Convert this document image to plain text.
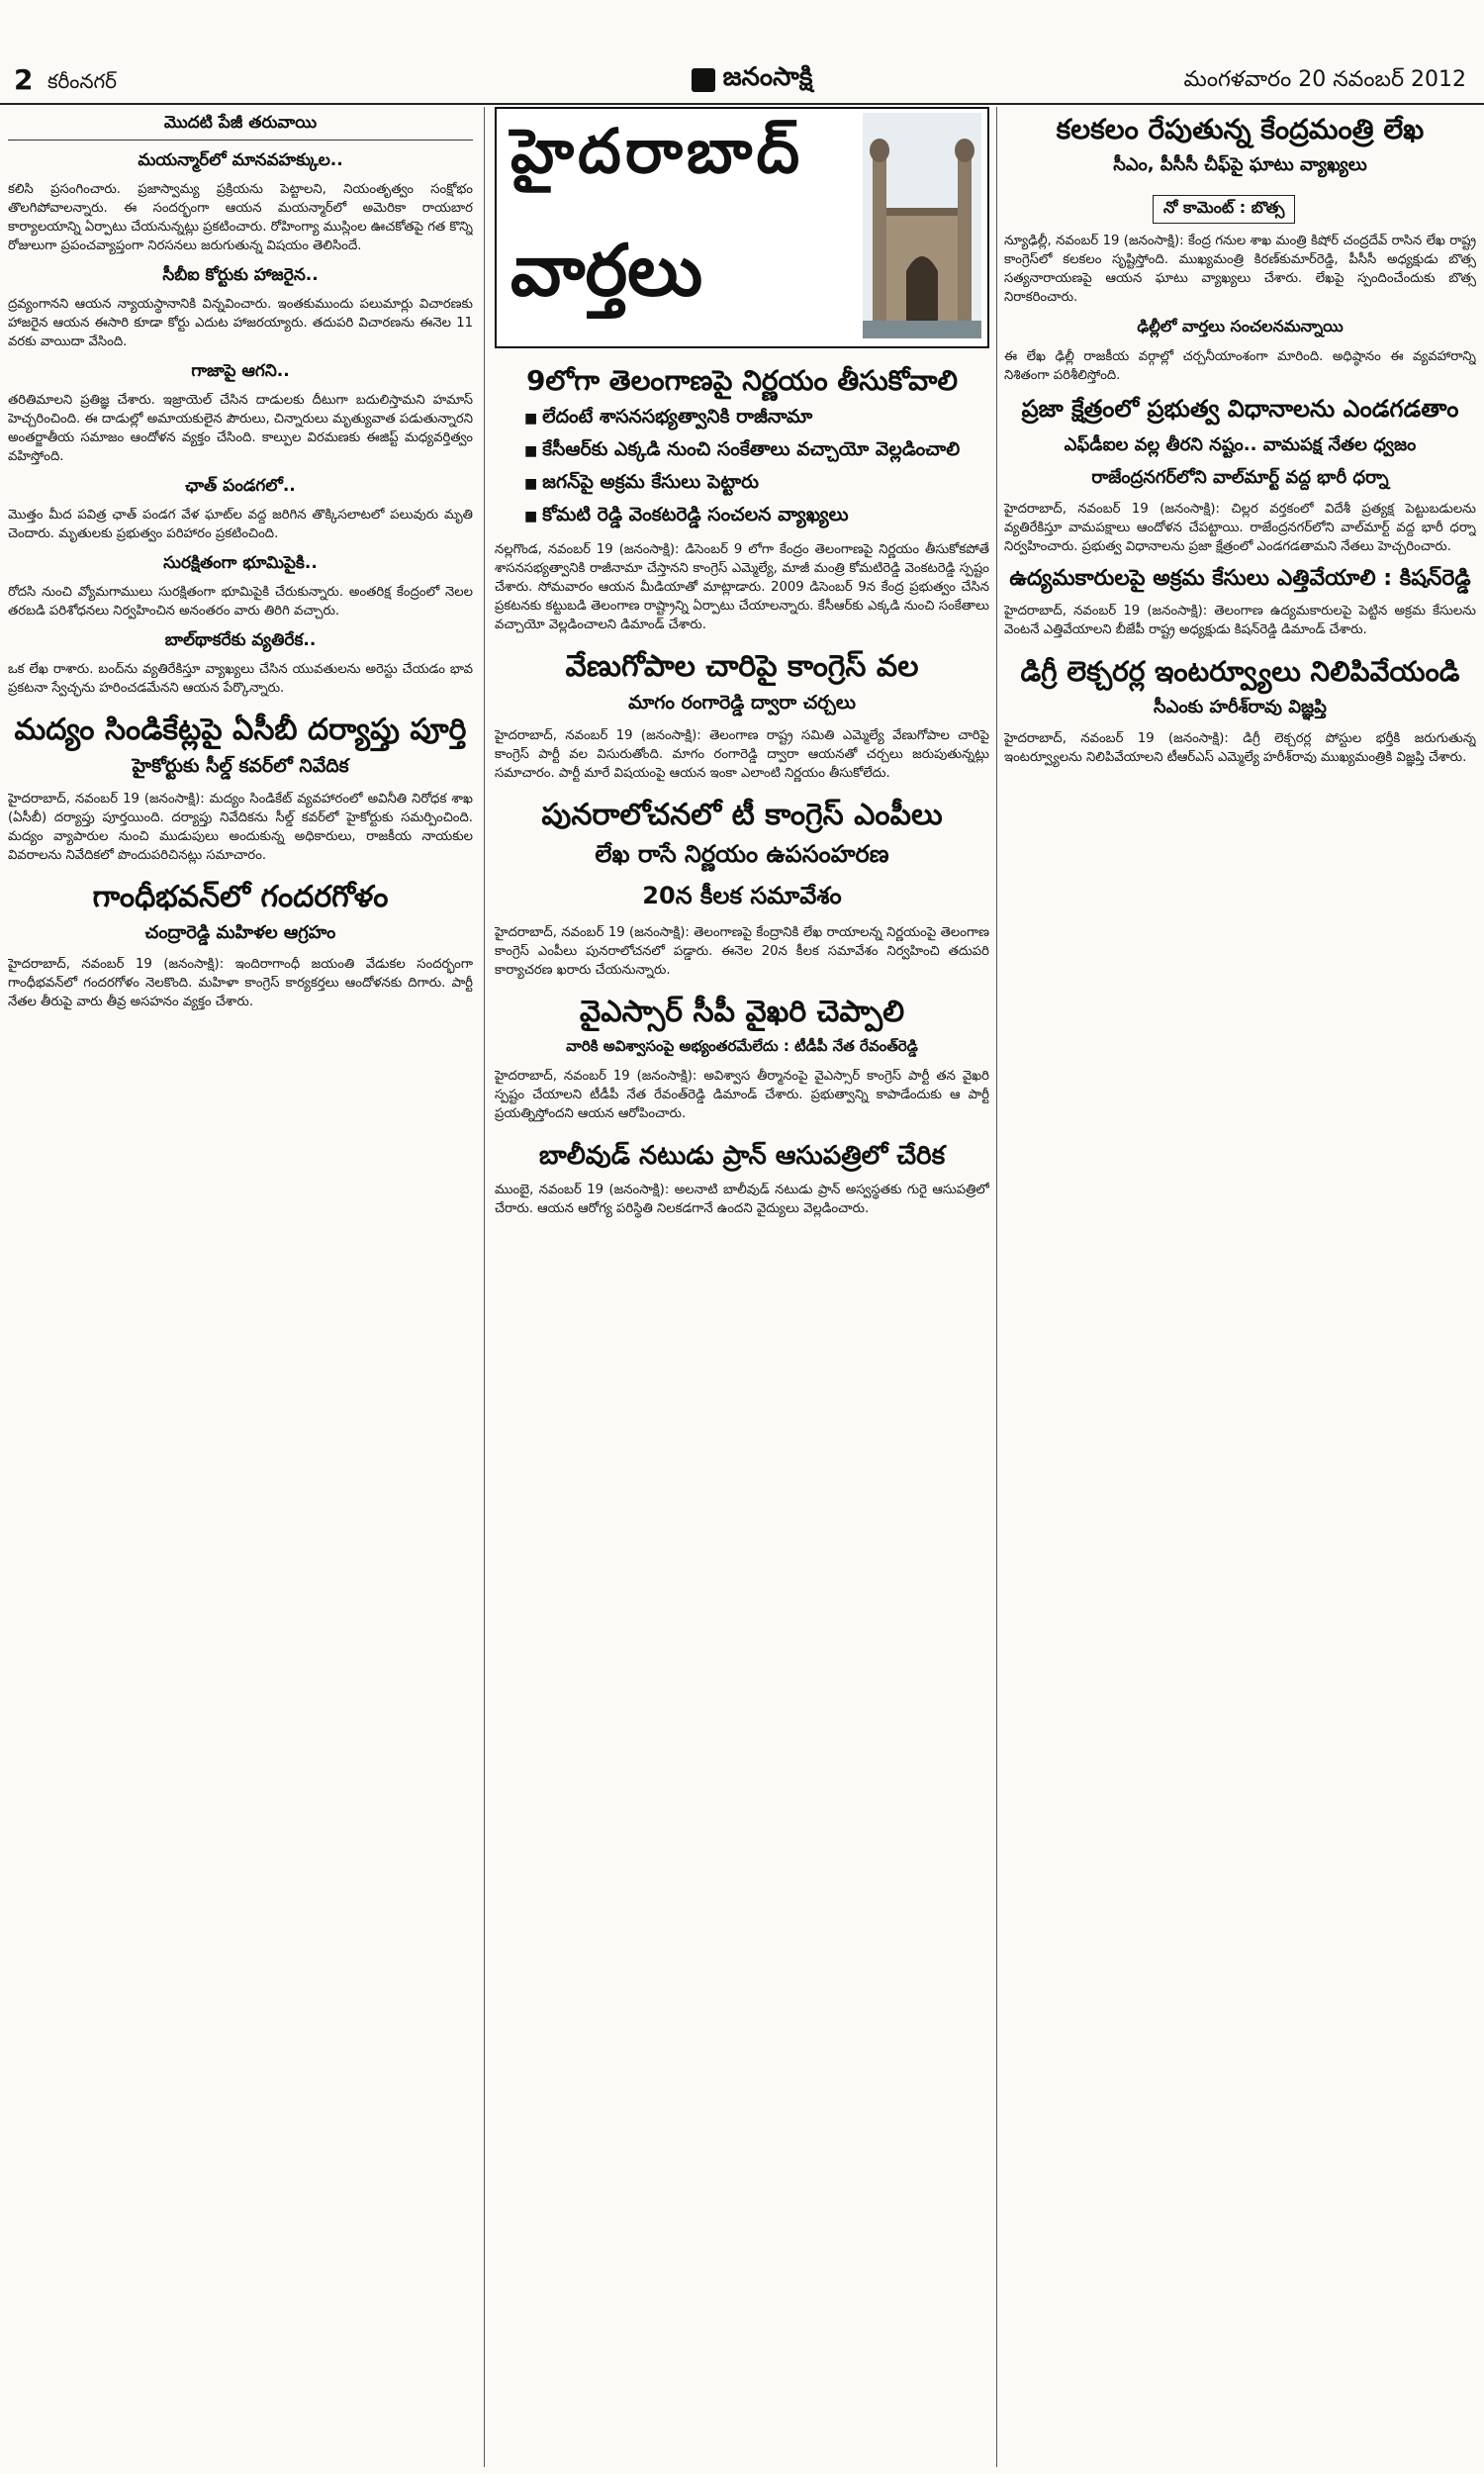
2 కరీంనగర్	జనంసాక్షి	మంగళవారం 20 నవంబర్ 2012
మొదటి పేజీ తరువాయి
మయన్మార్‌లో మానవహక్కుల..

కలిసి ప్రసంగించారు. ప్రజాస్వామ్య ప్రక్రియను పెట్టాలని, నియంతృత్వం సంక్షోభం తొలగిపోవాలన్నారు. ఈ సందర్భంగా ఆయన మయన్మార్‌లో అమెరికా రాయబార కార్యాలయాన్ని ఏర్పాటు చేయనున్నట్లు ప్రకటించారు. రోహింగ్యా ముస్లింల ఊచకోతపై గత కొన్ని రోజులుగా ప్రపంచవ్యాప్తంగా నిరసనలు జరుగుతున్న విషయం తెలిసిందే.

సీబీఐ కోర్టుకు హాజరైన..

ద్రవ్యంగానని ఆయన న్యాయస్థానానికి విన్నవించారు. ఇంతకుముందు పలుమార్లు విచారణకు హాజరైన ఆయన ఈసారి కూడా కోర్టు ఎదుట హాజరయ్యారు. తదుపరి విచారణను ఈనెల 11 వరకు వాయిదా వేసింది.

గాజాపై ఆగని..

తరితిమాలని ప్రతిజ్ఞ చేశారు. ఇజ్రాయెల్ చేసిన దాడులకు దీటుగా బదులిస్తామని హమాస్ హెచ్చరించింది. ఈ దాడుల్లో అమాయకులైన పౌరులు, చిన్నారులు మృత్యువాత పడుతున్నారని అంతర్జాతీయ సమాజం ఆందోళన వ్యక్తం చేసింది. కాల్పుల విరమణకు ఈజిప్ట్ మధ్యవర్తిత్వం వహిస్తోంది.

ఛాత్ పండగలో..

మొత్తం మీద పవిత్ర ఛాత్ పండగ వేళ ఘాట్‌ల వద్ద జరిగిన తొక్కిసలాటలో పలువురు మృతి చెందారు. మృతులకు ప్రభుత్వం పరిహారం ప్రకటించింది.

సురక్షితంగా భూమిపైకి..

రోదసి నుంచి వ్యోమగాములు సురక్షితంగా భూమిపైకి చేరుకున్నారు. అంతరిక్ష కేంద్రంలో నెలల తరబడి పరిశోధనలు నిర్వహించిన అనంతరం వారు తిరిగి వచ్చారు.

బాల్‌థాకరేకు వ్యతిరేక..

ఒక లేఖ రాశారు. బంద్‌ను వ్యతిరేకిస్తూ వ్యాఖ్యలు చేసిన యువతులను అరెస్టు చేయడం భావ ప్రకటనా స్వేచ్ఛను హరించడమేనని ఆయన పేర్కొన్నారు.

మద్యం సిండికేట్లపై ఏసీబీ దర్యాప్తు పూర్తి
హైకోర్టుకు సీల్డ్ కవర్‌లో నివేదిక

హైదరాబాద్, నవంబర్ 19 (జనంసాక్షి): మద్యం సిండికేట్ వ్యవహారంలో అవినీతి నిరోధక శాఖ (ఏసీబీ) దర్యాప్తు పూర్తయింది. దర్యాప్తు నివేదికను సీల్డ్ కవర్‌లో హైకోర్టుకు సమర్పించింది. మద్యం వ్యాపారుల నుంచి ముడుపులు అందుకున్న అధికారులు, రాజకీయ నాయకుల వివరాలను నివేదికలో పొందుపరిచినట్లు సమాచారం.

గాంధీభవన్‌లో గందరగోళం
చంద్రారెడ్డి మహిళల ఆగ్రహం

హైదరాబాద్, నవంబర్ 19 (జనంసాక్షి): ఇందిరాగాంధీ జయంతి వేడుకల సందర్భంగా గాంధీభవన్‌లో గందరగోళం నెలకొంది. మహిళా కాంగ్రెస్ కార్యకర్తలు ఆందోళనకు దిగారు. పార్టీ నేతల తీరుపై వారు తీవ్ర అసహనం వ్యక్తం చేశారు.

హైదరాబాద్
వార్తలు
9లోగా తెలంగాణపై నిర్ణయం తీసుకోవాలి
■ లేదంటే శాసనసభ్యత్వానికి రాజీనామా
■ కేసీఆర్‌కు ఎక్కడి నుంచి సంకేతాలు వచ్చాయో వెల్లడించాలి
■ జగన్‌పై అక్రమ కేసులు పెట్టారు
■ కోమటి రెడ్డి వెంకటరెడ్డి సంచలన వ్యాఖ్యలు

నల్లగొండ, నవంబర్ 19 (జనంసాక్షి): డిసెంబర్ 9 లోగా కేంద్రం తెలంగాణపై నిర్ణయం తీసుకోకపోతే శాసనసభ్యత్వానికి రాజీనామా చేస్తానని కాంగ్రెస్ ఎమ్మెల్యే, మాజీ మంత్రి కోమటిరెడ్డి వెంకటరెడ్డి స్పష్టం చేశారు. సోమవారం ఆయన మీడియాతో మాట్లాడారు. 2009 డిసెంబర్ 9న కేంద్ర ప్రభుత్వం చేసిన ప్రకటనకు కట్టుబడి తెలంగాణ రాష్ట్రాన్ని ఏర్పాటు చేయాలన్నారు. కేసీఆర్‌కు ఎక్కడి నుంచి సంకేతాలు వచ్చాయో వెల్లడించాలని డిమాండ్ చేశారు.

వేణుగోపాల చారిపై కాంగ్రెస్ వల
మాగం రంగారెడ్డి ద్వారా చర్చలు

హైదరాబాద్, నవంబర్ 19 (జనంసాక్షి): తెలంగాణ రాష్ట్ర సమితి ఎమ్మెల్యే వేణుగోపాల చారిపై కాంగ్రెస్ పార్టీ వల విసురుతోంది. మాగం రంగారెడ్డి ద్వారా ఆయనతో చర్చలు జరుపుతున్నట్లు సమాచారం. పార్టీ మారే విషయంపై ఆయన ఇంకా ఎలాంటి నిర్ణయం తీసుకోలేదు.

పునరాలోచనలో టీ కాంగ్రెస్ ఎంపీలు
లేఖ రాసే నిర్ణయం ఉపసంహరణ
20న కీలక సమావేశం

హైదరాబాద్, నవంబర్ 19 (జనంసాక్షి): తెలంగాణపై కేంద్రానికి లేఖ రాయాలన్న నిర్ణయంపై తెలంగాణ కాంగ్రెస్ ఎంపీలు పునరాలోచనలో పడ్డారు. ఈనెల 20న కీలక సమావేశం నిర్వహించి తదుపరి కార్యాచరణ ఖరారు చేయనున్నారు.

వైఎస్సార్ సీపీ వైఖరి చెప్పాలి
వారికి అవిశ్వాసంపై అభ్యంతరమేలేదు : టీడీపీ నేత రేవంత్‌రెడ్డి

హైదరాబాద్, నవంబర్ 19 (జనంసాక్షి): అవిశ్వాస తీర్మానంపై వైఎస్సార్ కాంగ్రెస్ పార్టీ తన వైఖరి స్పష్టం చేయాలని టీడీపీ నేత రేవంత్‌రెడ్డి డిమాండ్ చేశారు. ప్రభుత్వాన్ని కాపాడేందుకు ఆ పార్టీ ప్రయత్నిస్తోందని ఆయన ఆరోపించారు.

బాలీవుడ్ నటుడు ప్రాన్ ఆసుపత్రిలో చేరిక

ముంబై, నవంబర్ 19 (జనంసాక్షి): అలనాటి బాలీవుడ్ నటుడు ప్రాన్ అస్వస్థతకు గురై ఆసుపత్రిలో చేరారు. ఆయన ఆరోగ్య పరిస్థితి నిలకడగానే ఉందని వైద్యులు వెల్లడించారు.

కలకలం రేపుతున్న కేంద్రమంత్రి లేఖ
సీఎం, పీసీసీ చీఫ్‌పై ఘాటు వ్యాఖ్యలు
నో కామెంట్ : బొత్స

న్యూఢిల్లీ, నవంబర్ 19 (జనంసాక్షి): కేంద్ర గనుల శాఖ మంత్రి కిషోర్ చంద్రదేవ్ రాసిన లేఖ రాష్ట్ర కాంగ్రెస్‌లో కలకలం సృష్టిస్తోంది. ముఖ్యమంత్రి కిరణ్‌కుమార్‌రెడ్డి, పీసీసీ అధ్యక్షుడు బొత్స సత్యనారాయణపై ఆయన ఘాటు వ్యాఖ్యలు చేశారు. లేఖపై స్పందించేందుకు బొత్స నిరాకరించారు.

ఢిల్లీలో వార్తలు సంచలనమన్నాయి

ఈ లేఖ ఢిల్లీ రాజకీయ వర్గాల్లో చర్చనీయాంశంగా మారింది. అధిష్ఠానం ఈ వ్యవహారాన్ని నిశితంగా పరిశీలిస్తోంది.

ప్రజా క్షేత్రంలో ప్రభుత్వ విధానాలను ఎండగడతాం
ఎఫ్‌డీఐల వల్ల తీరని నష్టం.. వామపక్ష నేతల ధ్వజం
రాజేంద్రనగర్‌లోని వాల్‌మార్ట్ వద్ద భారీ ధర్నా

హైదరాబాద్, నవంబర్ 19 (జనంసాక్షి): చిల్లర వర్తకంలో విదేశీ ప్రత్యక్ష పెట్టుబడులను వ్యతిరేకిస్తూ వామపక్షాలు ఆందోళన చేపట్టాయి. రాజేంద్రనగర్‌లోని వాల్‌మార్ట్ వద్ద భారీ ధర్నా నిర్వహించారు. ప్రభుత్వ విధానాలను ప్రజా క్షేత్రంలో ఎండగడతామని నేతలు హెచ్చరించారు.

ఉద్యమకారులపై అక్రమ కేసులు ఎత్తివేయాలి : కిషన్‌రెడ్డి

హైదరాబాద్, నవంబర్ 19 (జనంసాక్షి): తెలంగాణ ఉద్యమకారులపై పెట్టిన అక్రమ కేసులను వెంటనే ఎత్తివేయాలని బీజేపీ రాష్ట్ర అధ్యక్షుడు కిషన్‌రెడ్డి డిమాండ్ చేశారు.

డిగ్రీ లెక్చరర్ల ఇంటర్వ్యూలు నిలిపివేయండి
సీఎంకు హరీశ్‌రావు విజ్ఞప్తి

హైదరాబాద్, నవంబర్ 19 (జనంసాక్షి): డిగ్రీ లెక్చరర్ల పోస్టుల భర్తీకి జరుగుతున్న ఇంటర్వ్యూలను నిలిపివేయాలని టీఆర్‌ఎస్ ఎమ్మెల్యే హరీశ్‌రావు ముఖ్యమంత్రికి విజ్ఞప్తి చేశారు.
